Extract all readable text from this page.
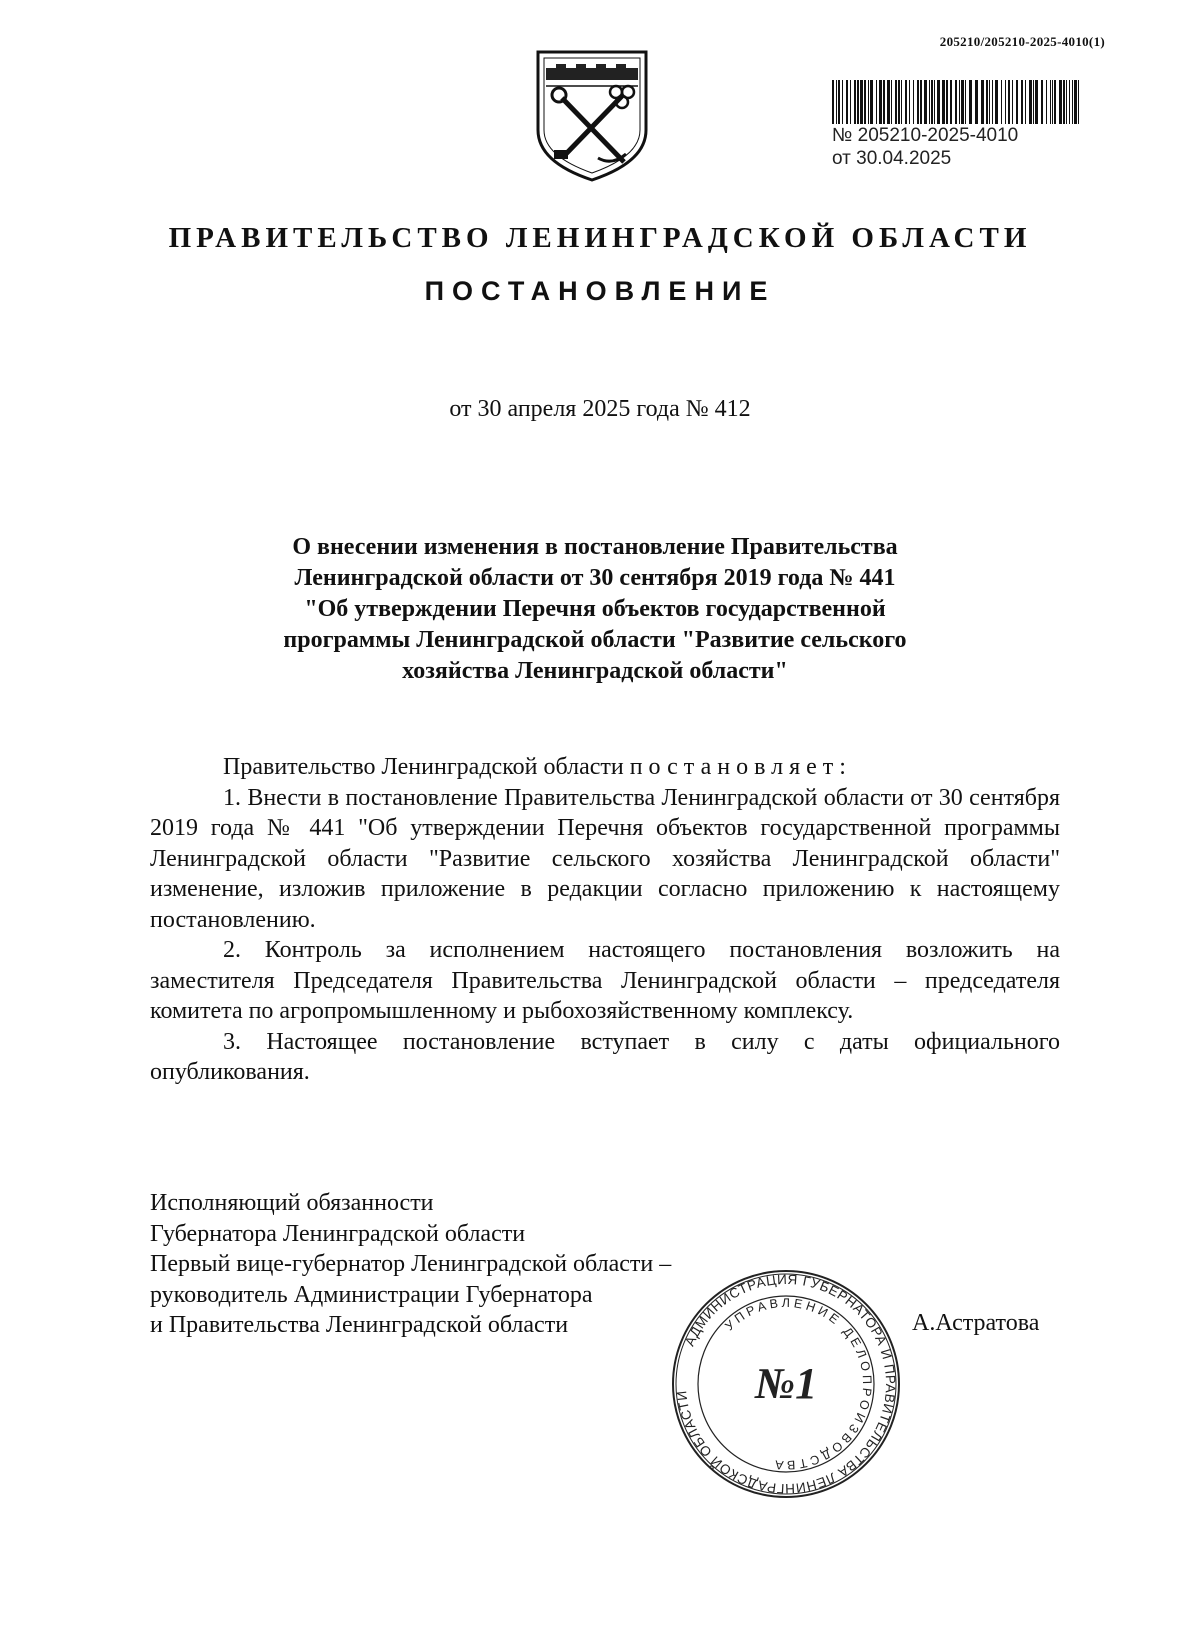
205210/205210-2025-4010(1)
№ 205210-2025-4010
от 30.04.2025
ПРАВИТЕЛЬСТВО ЛЕНИНГРАДСКОЙ ОБЛАСТИ
ПОСТАНОВЛЕНИЕ
от 30 апреля 2025 года № 412
О внесении изменения в постановление Правительства
Ленинградской области от 30 сентября 2019 года № 441
"Об утверждении Перечня объектов государственной
программы Ленинградской области "Развитие сельского
хозяйства Ленинградской области"

Правительство Ленинградской области постановляет:

1. Внести в постановление Правительства Ленинградской области от 30 сентября 2019 года № 441 "Об утверждении Перечня объектов государственной программы Ленинградской области "Развитие сельского хозяйства Ленинградской области" изменение, изложив приложение в редакции согласно приложению к настоящему постановлению.

2. Контроль за исполнением настоящего постановления возложить на заместителя Председателя Правительства Ленинградской области – председателя комитета по агропромышленному и рыбохозяйственному комплексу.

3. Настоящее постановление вступает в силу с даты официального опубликования.

Исполняющий обязанности
Губернатора Ленинградской области
Первый вице-губернатор Ленинградской области –
руководитель Администрации Губернатора
и Правительства Ленинградской области	А.Астратова
АДМИНИСТРАЦИЯ ГУБЕРНАТОРА И ПРАВИТЕЛЬСТВА ЛЕНИНГРАДСКОЙ ОБЛАСТИ
УПРАВЛЕНИЕ ДЕЛОПРОИЗВОДСТВА
№1
